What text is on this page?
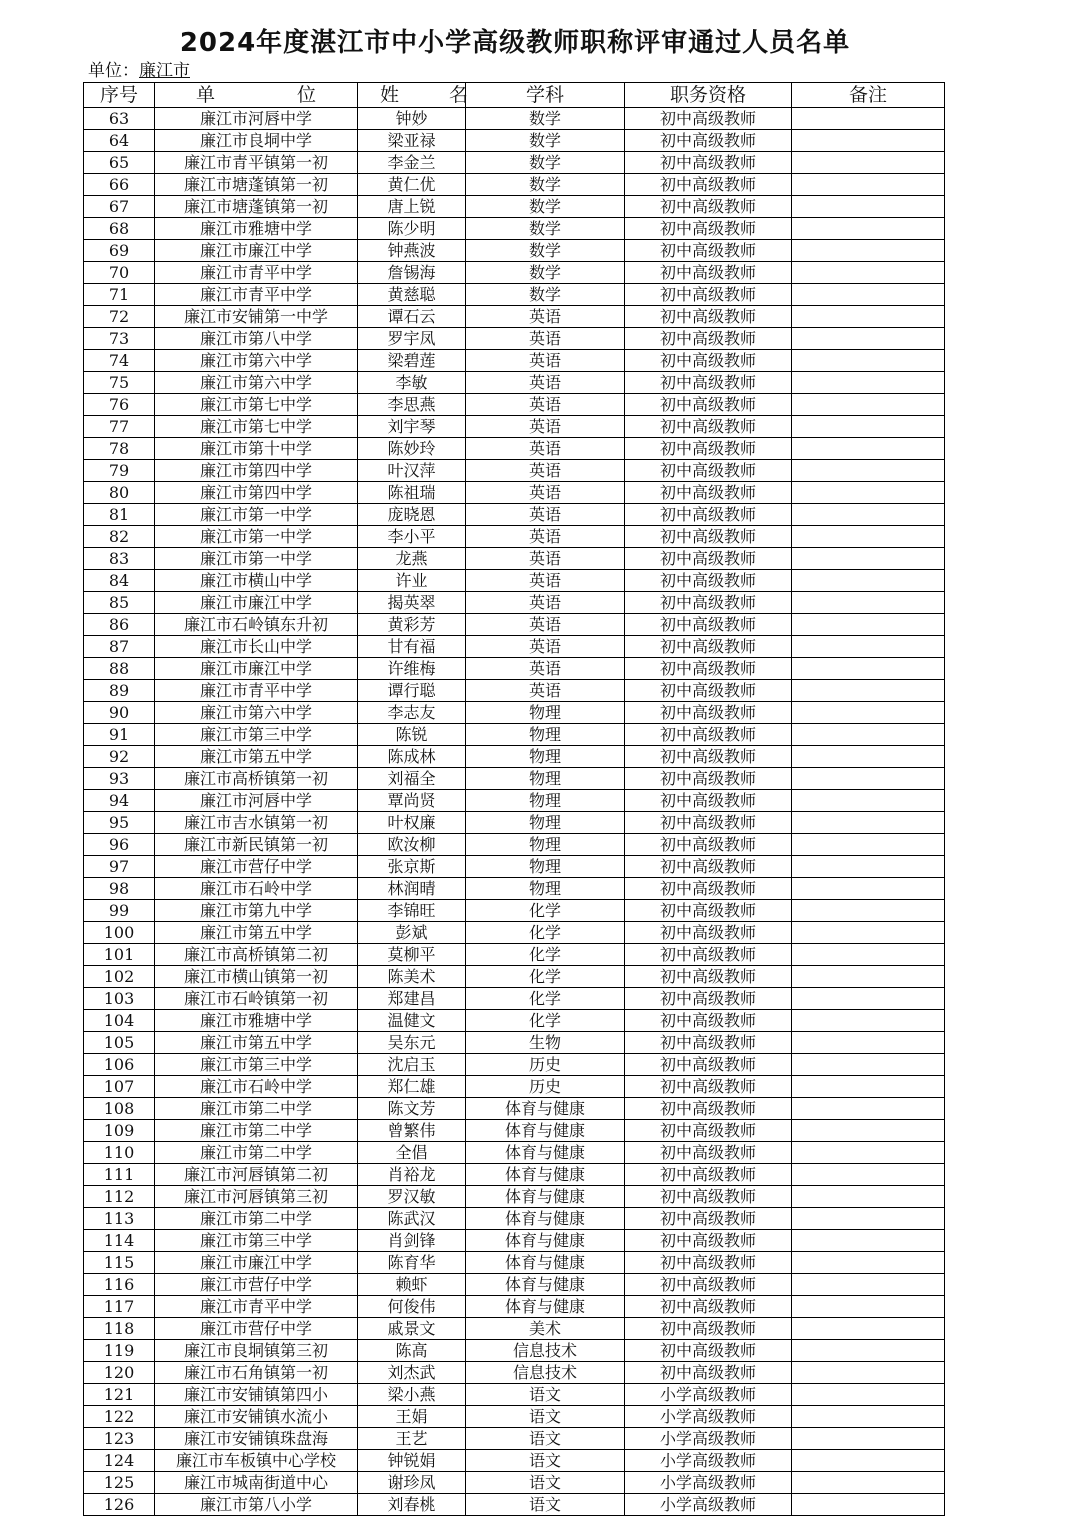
2024年度湛江市中小学高级教师职称评审通过人员名单
单位：廉江市
序号	单 位	姓 名	学科	职务资格	备注
63	廉江市河唇中学	钟妙	数学	初中高级教师	
64	廉江市良垌中学	梁亚禄	数学	初中高级教师	
65	廉江市青平镇第一初	李金兰	数学	初中高级教师	
66	廉江市塘蓬镇第一初	黄仁优	数学	初中高级教师	
67	廉江市塘蓬镇第一初	唐上锐	数学	初中高级教师	
68	廉江市雅塘中学	陈少明	数学	初中高级教师	
69	廉江市廉江中学	钟燕波	数学	初中高级教师	
70	廉江市青平中学	詹锡海	数学	初中高级教师	
71	廉江市青平中学	黄慈聪	数学	初中高级教师	
72	廉江市安铺第一中学	谭石云	英语	初中高级教师	
73	廉江市第八中学	罗宇凤	英语	初中高级教师	
74	廉江市第六中学	梁碧莲	英语	初中高级教师	
75	廉江市第六中学	李敏	英语	初中高级教师	
76	廉江市第七中学	李思燕	英语	初中高级教师	
77	廉江市第七中学	刘宇琴	英语	初中高级教师	
78	廉江市第十中学	陈妙玲	英语	初中高级教师	
79	廉江市第四中学	叶汉萍	英语	初中高级教师	
80	廉江市第四中学	陈祖瑞	英语	初中高级教师	
81	廉江市第一中学	庞晓恩	英语	初中高级教师	
82	廉江市第一中学	李小平	英语	初中高级教师	
83	廉江市第一中学	龙燕	英语	初中高级教师	
84	廉江市横山中学	许业	英语	初中高级教师	
85	廉江市廉江中学	揭英翠	英语	初中高级教师	
86	廉江市石岭镇东升初	黄彩芳	英语	初中高级教师	
87	廉江市长山中学	甘有福	英语	初中高级教师	
88	廉江市廉江中学	许维梅	英语	初中高级教师	
89	廉江市青平中学	谭行聪	英语	初中高级教师	
90	廉江市第六中学	李志友	物理	初中高级教师	
91	廉江市第三中学	陈锐	物理	初中高级教师	
92	廉江市第五中学	陈成林	物理	初中高级教师	
93	廉江市高桥镇第一初	刘福全	物理	初中高级教师	
94	廉江市河唇中学	覃尚贤	物理	初中高级教师	
95	廉江市吉水镇第一初	叶权廉	物理	初中高级教师	
96	廉江市新民镇第一初	欧汝柳	物理	初中高级教师	
97	廉江市营仔中学	张京斯	物理	初中高级教师	
98	廉江市石岭中学	林润晴	物理	初中高级教师	
99	廉江市第九中学	李锦旺	化学	初中高级教师	
100	廉江市第五中学	彭斌	化学	初中高级教师	
101	廉江市高桥镇第二初	莫柳平	化学	初中高级教师	
102	廉江市横山镇第一初	陈美术	化学	初中高级教师	
103	廉江市石岭镇第一初	郑建昌	化学	初中高级教师	
104	廉江市雅塘中学	温健文	化学	初中高级教师	
105	廉江市第五中学	吴东元	生物	初中高级教师	
106	廉江市第三中学	沈启玉	历史	初中高级教师	
107	廉江市石岭中学	郑仁雄	历史	初中高级教师	
108	廉江市第二中学	陈文芳	体育与健康	初中高级教师	
109	廉江市第二中学	曾繁伟	体育与健康	初中高级教师	
110	廉江市第二中学	全倡	体育与健康	初中高级教师	
111	廉江市河唇镇第二初	肖裕龙	体育与健康	初中高级教师	
112	廉江市河唇镇第三初	罗汉敏	体育与健康	初中高级教师	
113	廉江市第二中学	陈武汉	体育与健康	初中高级教师	
114	廉江市第三中学	肖剑锋	体育与健康	初中高级教师	
115	廉江市廉江中学	陈育华	体育与健康	初中高级教师	
116	廉江市营仔中学	赖虾	体育与健康	初中高级教师	
117	廉江市青平中学	何俊伟	体育与健康	初中高级教师	
118	廉江市营仔中学	戚景文	美术	初中高级教师	
119	廉江市良垌镇第三初	陈高	信息技术	初中高级教师	
120	廉江市石角镇第一初	刘杰武	信息技术	初中高级教师	
121	廉江市安铺镇第四小	梁小燕	语文	小学高级教师	
122	廉江市安铺镇水流小	王娟	语文	小学高级教师	
123	廉江市安铺镇珠盘海	王艺	语文	小学高级教师	
124	廉江市车板镇中心学校	钟锐娟	语文	小学高级教师	
125	廉江市城南街道中心	谢珍凤	语文	小学高级教师	
126	廉江市第八小学	刘春桃	语文	小学高级教师	
